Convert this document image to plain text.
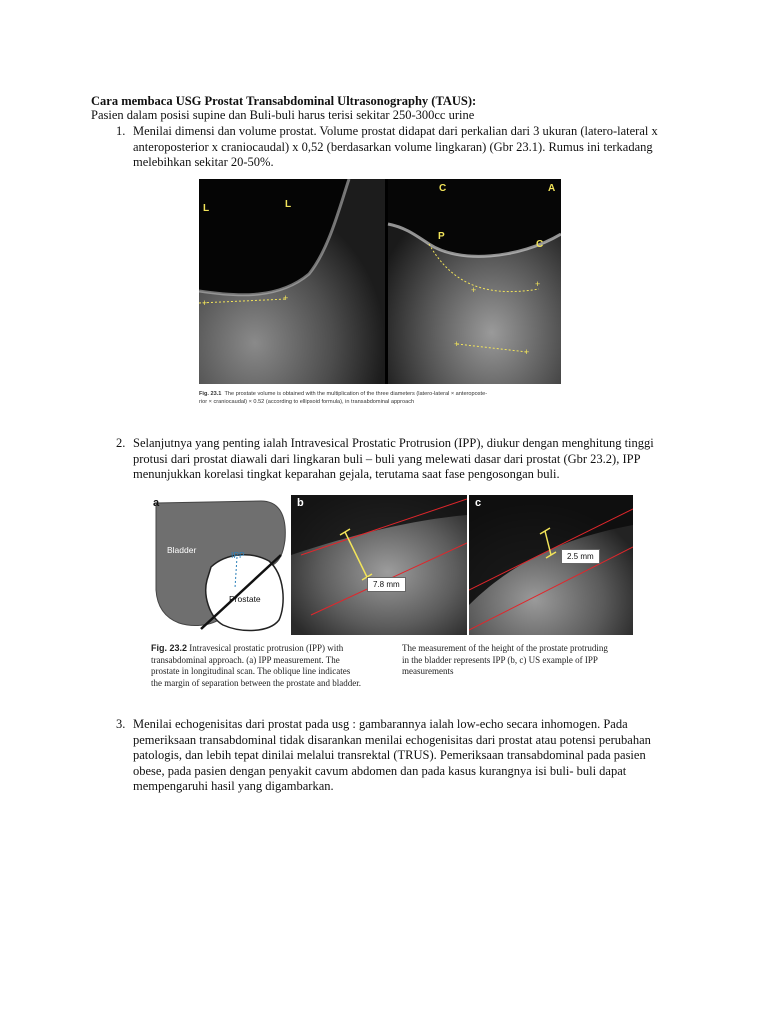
Cara membaca USG Prostat Transabdominal Ultrasonography (TAUS):
Pasien dalam posisi supine dan Buli-buli harus terisi sekitar 250-300cc urine
1. Menilai dimensi dan volume prostat. Volume prostat didapat dari perkalian dari 3 ukuran (latero-lateral x
anteroposterior x craniocaudal) x 0,52 (berdasarkan volume lingkaran) (Gbr 23.1). Rumus ini terkadang
melebihkan sekitar 20-50%.
+	+
+
+
+
+
L	L
C	A
P
C
Fig. 23.1 The prostate volume is obtained with the multiplication of the three diameters (latero-lateral × anteroposte-
rior × craniocaudal) × 0.52 (according to ellipsoid formula), in transabdominal approach
2. Selanjutnya yang penting ialah Intravesical Prostatic Protrusion (IPP), diukur dengan menghitung tinggi
protusi dari prostat diawali dari lingkaran buli – buli yang melewati dasar dari prostat (Gbr 23.2), IPP
menunjukkan korelasi tingkat keparahan gejala, terutama saat fase pengosongan buli.
a
Bladder	IPP
Prostate
b
7.8 mm
c
2.5 mm
Fig. 23.2 Intravesical prostatic protrusion (IPP) with
transabdominal approach. (a) IPP measurement. The
prostate in longitudinal scan. The oblique line indicates
the margin of separation between the prostate and bladder.
The measurement of the height of the prostate protruding
in the bladder represents IPP (b, c) US example of IPP
measurements
3. Menilai echogenisitas dari prostat pada usg : gambarannya ialah low-echo secara inhomogen. Pada
pemeriksaan transabdominal tidak disarankan menilai echogenisitas dari prostat atau potensi perubahan
patologis, dan lebih tepat dinilai melalui transrektal (TRUS). Pemeriksaan transabdominal pada pasien
obese, pada pasien dengan penyakit cavum abdomen dan pada kasus kurangnya isi buli- buli dapat
mempengaruhi hasil yang digambarkan.
